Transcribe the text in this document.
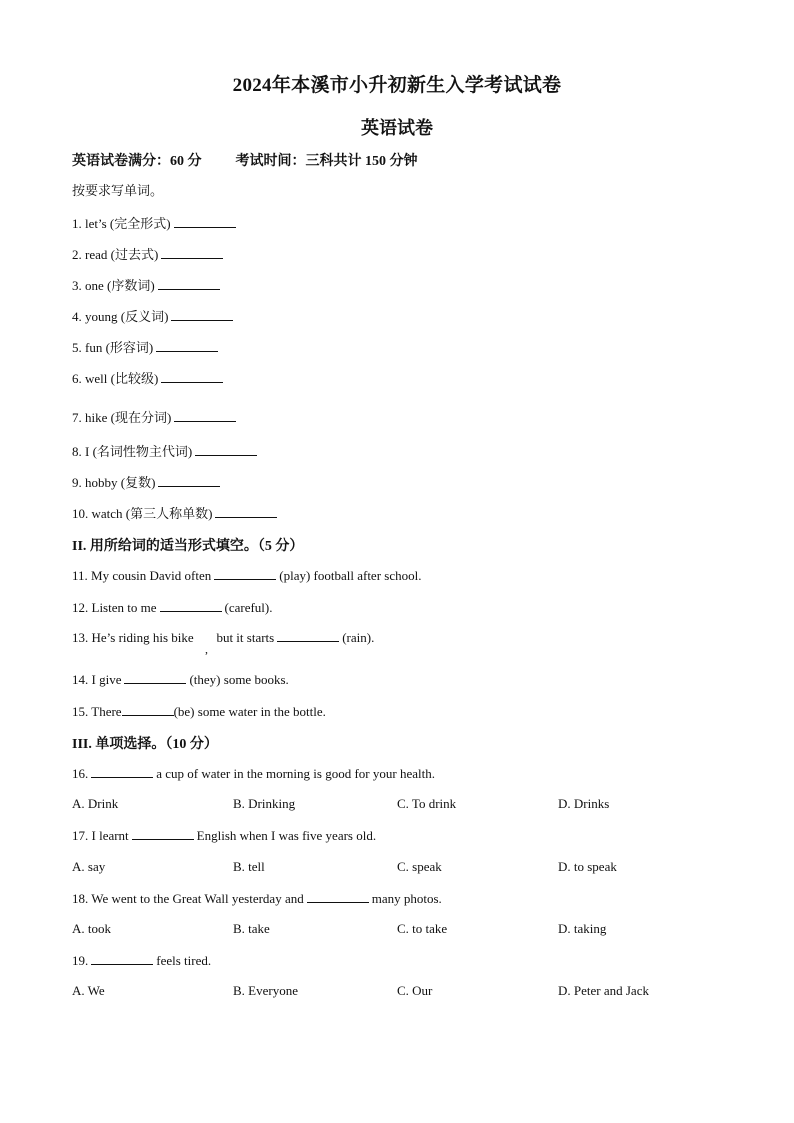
2024年本溪市小升初新生入学考试试卷
英语试卷
英语试卷满分：60 分 考试时间：三科共计 150 分钟
按要求写单词。
1. let’s (完全形式)
2. read (过去式)
3. one (序数词)
4. young (反义词)
5. fun (形容词)
6. well (比较级)
7. hike (现在分词)
8. I (名词性物主代词)
9. hobby (复数)
10. watch (第三人称单数)
II. 用所给词的适当形式填空。（5 分）
11. My cousin David often	(play) football after school.
12. Listen to me	(careful).
13. He’s riding his bike but it starts	(rain).
,
14. I give	(they) some books.
15. There	(be) some water in the bottle.
III. 单项选择。（10 分）
16.	a cup of water in the morning is good for your health.
A. Drink	B. Drinking	C. To drink	D. Drinks
17. I learnt	English when I was five years old.
A. say	B. tell	C. speak	D. to speak
18. We went to the Great Wall yesterday and	many photos.
A. took	B. take	C. to take	D. taking
19.	feels tired.
A. We	B. Everyone	C. Our	D. Peter and Jack
